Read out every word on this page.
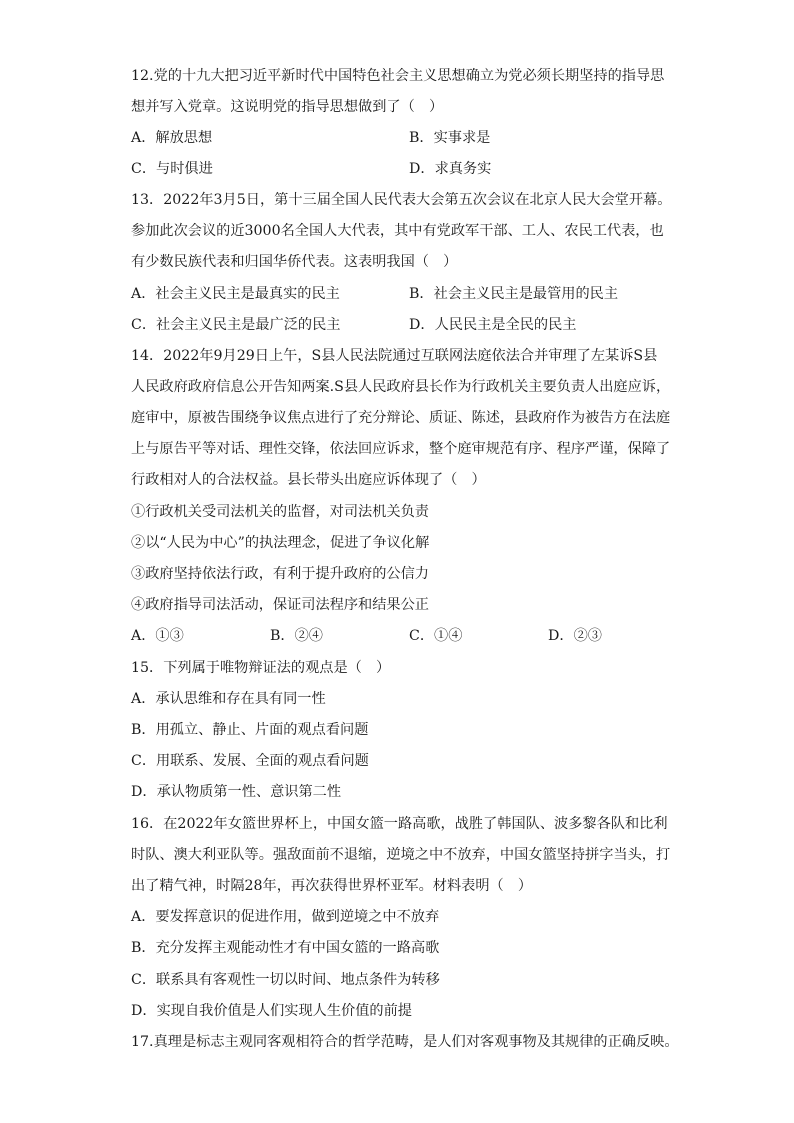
12.党的十九大把习近平新时代中国特色社会主义思想确立为党必须长期坚持的指导思
想并写入党章。这说明党的指导思想做到了（　）
A．解放思想	B．实事求是
C．与时俱进	D．求真务实
13．2022年3月5日，第十三届全国人民代表大会第五次会议在北京人民大会堂开幕。
参加此次会议的近3000名全国人大代表，其中有党政军干部、工人、农民工代表，也
有少数民族代表和归国华侨代表。这表明我国（　）
A．社会主义民主是最真实的民主	B．社会主义民主是最管用的民主
C．社会主义民主是最广泛的民主	D．人民民主是全民的民主
14．2022年9月29日上午，S县人民法院通过互联网法庭依法合并审理了左某诉S县
人民政府政府信息公开告知两案.S县人民政府县长作为行政机关主要负责人出庭应诉，
庭审中，原被告围绕争议焦点进行了充分辩论、质证、陈述，县政府作为被告方在法庭
上与原告平等对话、理性交锋，依法回应诉求，整个庭审规范有序、程序严谨，保障了
行政相对人的合法权益。县长带头出庭应诉体现了（　）
①行政机关受司法机关的监督，对司法机关负责
②以“人民为中心”的执法理念，促进了争议化解
③政府坚持依法行政，有利于提升政府的公信力
④政府指导司法活动，保证司法程序和结果公正
A．①③	B．②④	C．①④	D．②③
15．下列属于唯物辩证法的观点是（　）
A．承认思维和存在具有同一性
B．用孤立、静止、片面的观点看问题
C．用联系、发展、全面的观点看问题
D．承认物质第一性、意识第二性
16．在2022年女篮世界杯上，中国女篮一路高歌，战胜了韩国队、波多黎各队和比利
时队、澳大利亚队等。强敌面前不退缩，逆境之中不放弃，中国女篮坚持拼字当头，打
出了精气神，时隔28年，再次获得世界杯亚军。材料表明（　）
A．要发挥意识的促进作用，做到逆境之中不放弃
B．充分发挥主观能动性才有中国女篮的一路高歌
C．联系具有客观性一切以时间、地点条件为转移
D．实现自我价值是人们实现人生价值的前提
17.真理是标志主观同客观相符合的哲学范畴，是人们对客观事物及其规律的正确反映。
